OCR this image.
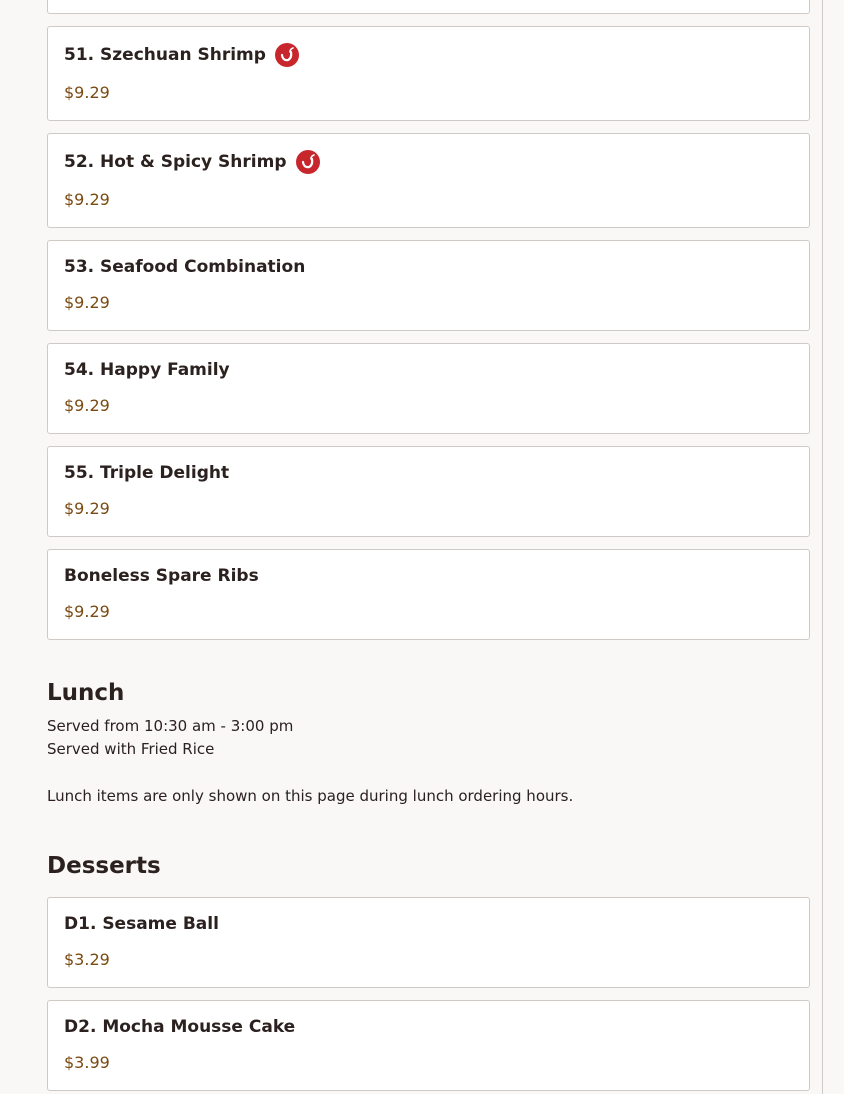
51. Szechuan Shrimp
$9.29
52. Hot & Spicy Shrimp
$9.29
53. Seafood Combination
$9.29
54. Happy Family
$9.29
55. Triple Delight
$9.29
Boneless Spare Ribs
$9.29
Lunch
Served from 10:30 am - 3:00 pm
Served with Fried Rice
Lunch items are only shown on this page during lunch ordering hours.
Desserts
D1. Sesame Ball
$3.29
D2. Mocha Mousse Cake
$3.99
